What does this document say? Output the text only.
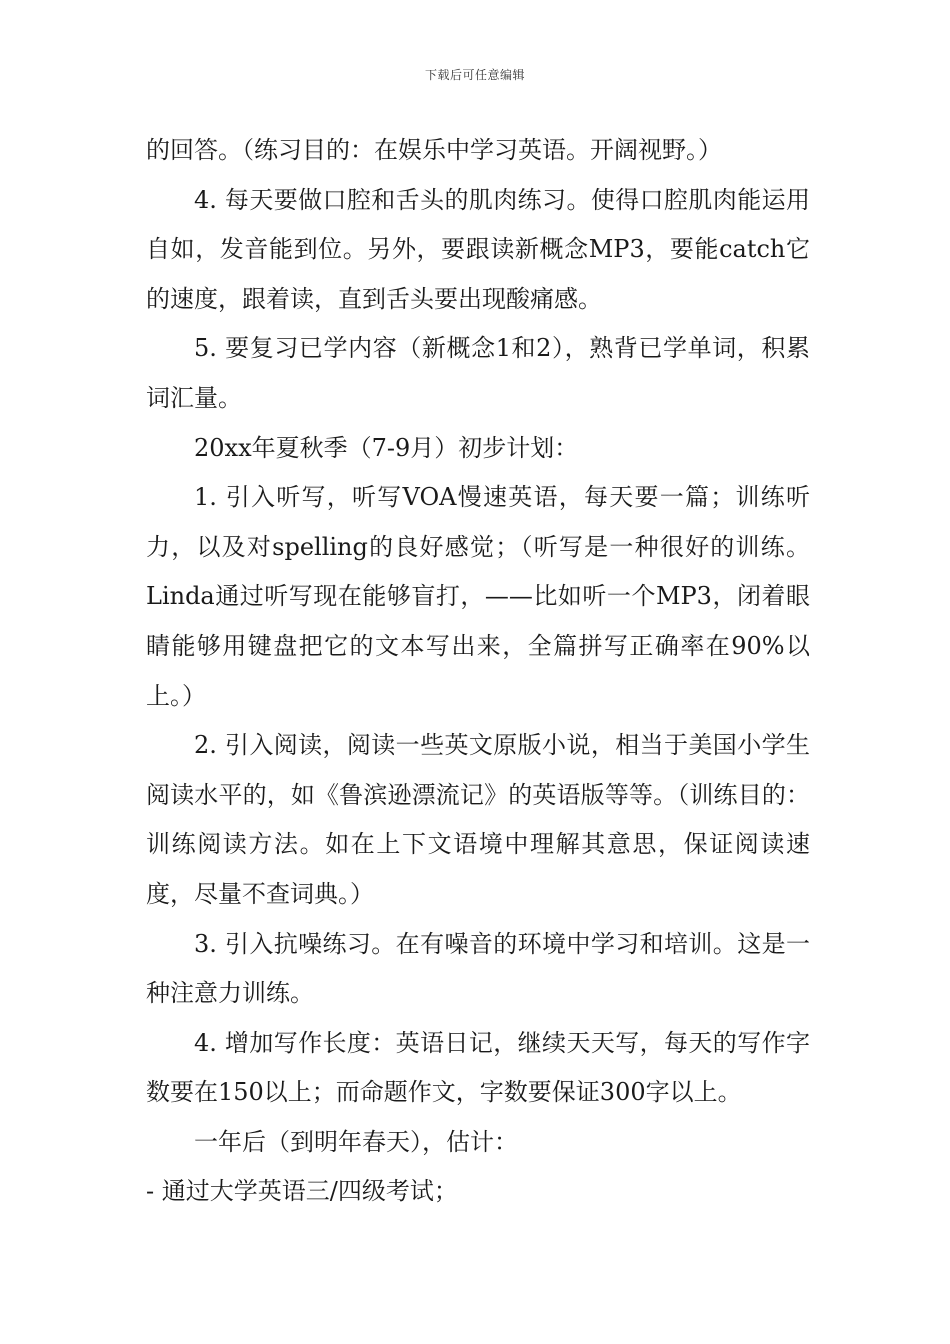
下载后可任意编辑

的回答。（练习目的：在娱乐中学习英语。开阔视野。）

4. 每天要做口腔和舌头的肌肉练习。使得口腔肌肉能运用自如，发音能到位。另外，要跟读新概念MP3，要能catch它的速度，跟着读，直到舌头要出现酸痛感。

5. 要复习已学内容（新概念1和2），熟背已学单词，积累词汇量。

20xx年夏秋季（7-9月）初步计划：

1. 引入听写，听写VOA慢速英语，每天要一篇；训练听力，以及对spelling的良好感觉；（听写是一种很好的训练。Linda通过听写现在能够盲打，——比如听一个MP3，闭着眼睛能够用键盘把它的文本写出来，全篇拼写正确率在90%以上。）

2. 引入阅读，阅读一些英文原版小说，相当于美国小学生阅读水平的，如《鲁滨逊漂流记》的英语版等等。（训练目的：训练阅读方法。如在上下文语境中理解其意思，保证阅读速度，尽量不查词典。）

3. 引入抗噪练习。在有噪音的环境中学习和培训。这是一种注意力训练。

4. 增加写作长度：英语日记，继续天天写，每天的写作字数要在150以上；而命题作文，字数要保证300字以上。

一年后（到明年春天），估计：

- 通过大学英语三/四级考试；
